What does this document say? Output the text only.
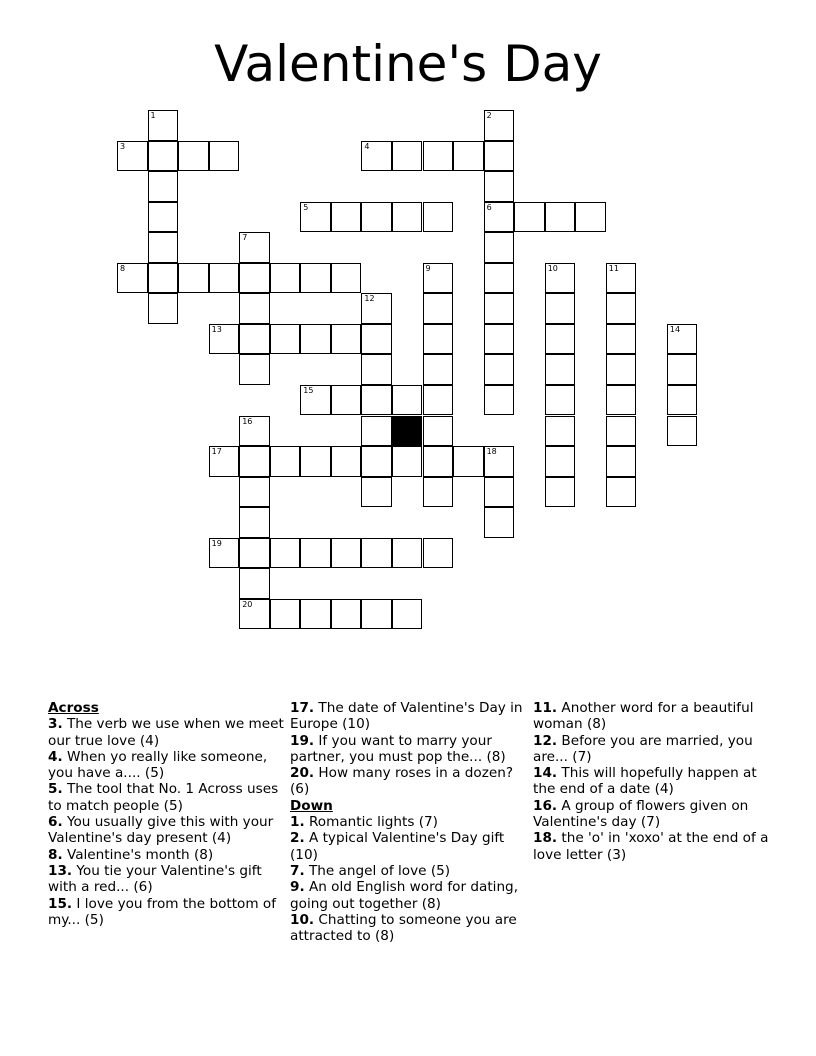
Valentine's Day
1	2
6
3	4
5
7
8	9	10	11
12
13	14
15
16
20
17	18
19
Across
3. The verb we use when we meet our true love (4)
4. When yo really like someone, you have a.... (5)
5. The tool that No. 1 Across uses to match people (5)
6. You usually give this with your Valentine's day present (4)
8. Valentine's month (8)
13. You tie your Valentine's gift with a red... (6)
15. I love you from the bottom of my... (5)
17. The date of Valentine's Day in Europe (10)
19. If you want to marry your partner, you must pop the... (8)
20. How many roses in a dozen? (6)
Down
1. Romantic lights (7)
2. A typical Valentine's Day gift (10)
7. The angel of love (5)
9. An old English word for dating, going out together (8)
10. Chatting to someone you are attracted to (8)
11. Another word for a beautiful woman (8)
12. Before you are married, you are... (7)
14. This will hopefully happen at the end of a date (4)
16. A group of flowers given on Valentine's day (7)
18. the 'o' in 'xoxo' at the end of a love letter (3)
